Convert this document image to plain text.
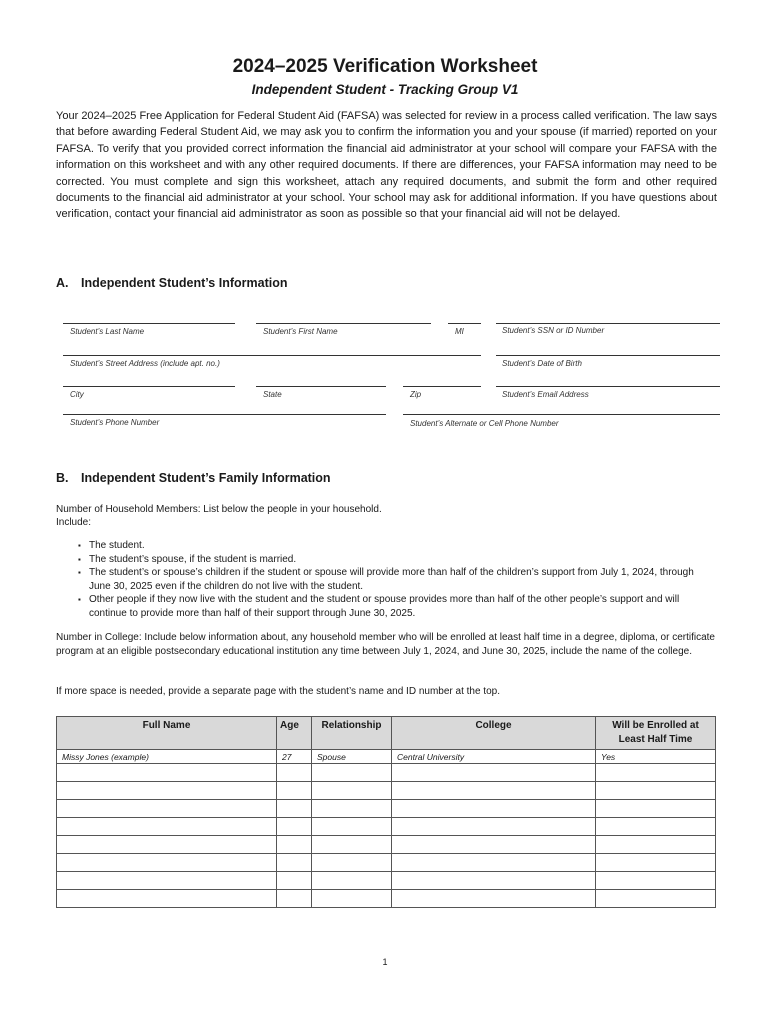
2024–2025 Verification Worksheet
Independent Student - Tracking Group V1
Your 2024–2025 Free Application for Federal Student Aid (FAFSA) was selected for review in a process called verification. The law says that before awarding Federal Student Aid, we may ask you to confirm the information you and your spouse (if married) reported on your FAFSA. To verify that you provided correct information the financial aid administrator at your school will compare your FAFSA with the information on this worksheet and with any other required documents. If there are differences, your FAFSA information may need to be corrected. You must complete and sign this worksheet, attach any required documents, and submit the form and other required documents to the financial aid administrator at your school. Your school may ask for additional information. If you have questions about verification, contact your financial aid administrator as soon as possible so that your financial aid will not be delayed.
A. Independent Student’s Information
Student’s Last Name	Student’s First Name	MI	Student’s SSN or ID Number
Student’s Street Address (include apt. no.)	Student’s Date of Birth
City	State	Zip	Student’s Email Address
Student’s Phone Number	Student’s Alternate or Cell Phone Number
B. Independent Student’s Family Information
Number of Household Members: List below the people in your household.
Include:
▪ The student.
▪ The student’s spouse, if the student is married.
▪ The student’s or spouse’s children if the student or spouse will provide more than half of the children’s support from July 1, 2024, through June 30, 2025 even if the children do not live with the student.
▪ Other people if they now live with the student and the student or spouse provides more than half of the other people’s support and will continue to provide more than half of their support through June 30, 2025.
Number in College: Include below information about, any household member who will be enrolled at least half time in a degree, diploma, or certificate program at an eligible postsecondary educational institution any time between July 1, 2024, and June 30, 2025, include the name of the college.
If more space is needed, provide a separate page with the student’s name and ID number at the top.
Full Name	Age	Relationship	College	Will be Enrolled at Least Half Time
Missy Jones (example)	27	Spouse	Central University	Yes

1
